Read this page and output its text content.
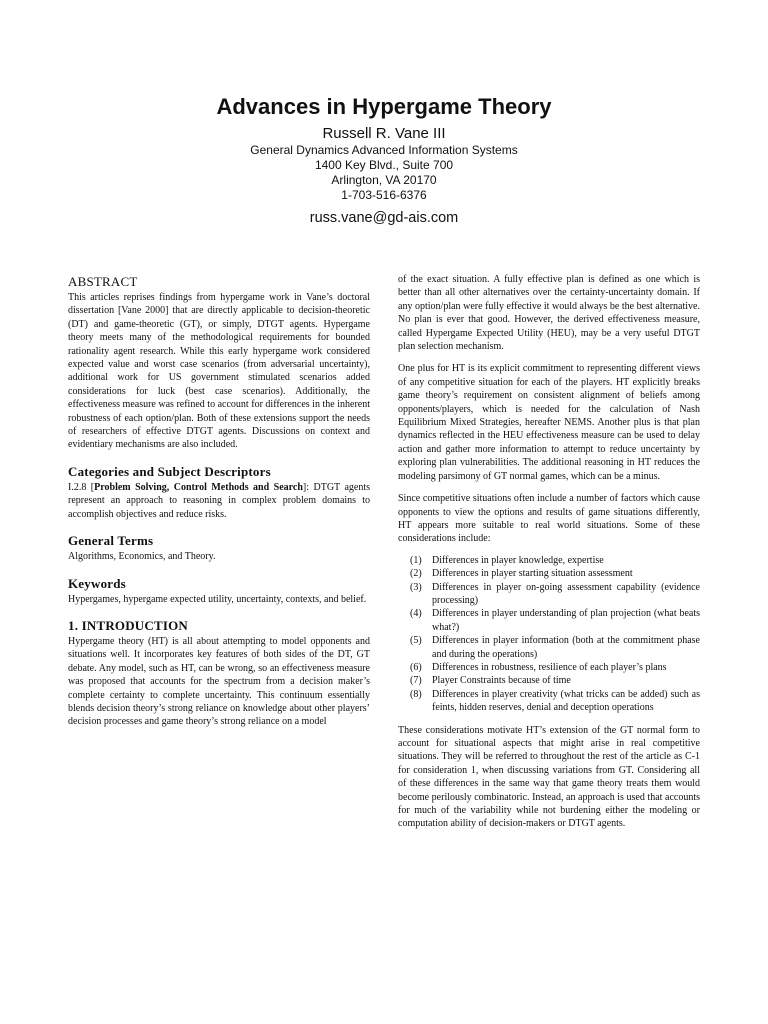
Advances in Hypergame Theory
Russell R. Vane III
General Dynamics Advanced Information Systems
1400 Key Blvd., Suite 700
Arlington, VA 20170
1-703-516-6376
russ.vane@gd-ais.com
ABSTRACT

This articles reprises findings from hypergame work in Vane’s doctoral dissertation [Vane 2000] that are directly applicable to decision-theoretic (DT) and game-theoretic (GT), or simply, DTGT agents. Hypergame theory meets many of the methodological requirements for bounded rationality agent research. While this early hypergame work considered expected value and worst case scenarios (from adversarial uncertainty), additional work for US government stimulated scenarios added considerations for luck (best case scenarios). Additionally, the effectiveness measure was refined to account for differences in the inherent robustness of each option/plan. Both of these extensions support the needs of researchers of effective DTGT agents. Discussions on context and evidentiary mechanisms are also included.

Categories and Subject Descriptors

I.2.8 [Problem Solving, Control Methods and Search]: DTGT agents represent an approach to reasoning in complex problem domains to accomplish objectives and reduce risks.

General Terms

Algorithms, Economics, and Theory.

Keywords

Hypergames, hypergame expected utility, uncertainty, contexts, and belief.

1. INTRODUCTION

Hypergame theory (HT) is all about attempting to model opponents and situations well. It incorporates key features of both sides of the DT, GT debate. Any model, such as HT, can be wrong, so an effectiveness measure was proposed that accounts for the spectrum from a decision maker’s complete certainty to complete uncertainty. This continuum essentially blends decision theory’s strong reliance on knowledge about other players’ decision processes and game theory’s strong reliance on a model

of the exact situation. A fully effective plan is defined as one which is better than all other alternatives over the certainty-uncertainty domain. If any option/plan were fully effective it would always be the best alternative. No plan is ever that good. However, the derived effectiveness measure, called Hypergame Expected Utility (HEU), may be a very useful DTGT plan selection mechanism.

One plus for HT is its explicit commitment to representing different views of any competitive situation for each of the players. HT explicitly breaks game theory’s requirement on consistent alignment of beliefs among opponents/players, which is needed for the calculation of Nash Equilibrium Mixed Strategies, hereafter NEMS. Another plus is that plan dynamics reflected in the HEU effectiveness measure can be used to delay action and gather more information to attempt to reduce uncertainty by exploring plan vulnerabilities. The additional reasoning in HT reduces the modeling parsimony of GT normal games, which can be a minus.

Since competitive situations often include a number of factors which cause opponents to view the options and results of game situations differently, HT appears more suitable to real world situations. Some of these considerations include:

(1)	Differences in player knowledge, expertise
(2)	Differences in player starting situation assessment
(3)	Differences in player on-going assessment capability (evidence processing)
(4)	Differences in player understanding of plan projection (what beats what?)
(5)	Differences in player information (both at the commitment phase and during the operations)
(6)	Differences in robustness, resilience of each player’s plans
(7)	Player Constraints because of time
(8)	Differences in player creativity (what tricks can be added) such as feints, hidden reserves, denial and deception operations

These considerations motivate HT’s extension of the GT normal form to account for situational aspects that might arise in real competitive situations. They will be referred to throughout the rest of the article as C-1 for consideration 1, when discussing variations from GT. Considering all of these differences in the same way that game theory treats them would become perilously combinatoric. Instead, an approach is used that accounts for much of the variability while not burdening either the modeling or computation ability of decision-makers or DTGT agents.
